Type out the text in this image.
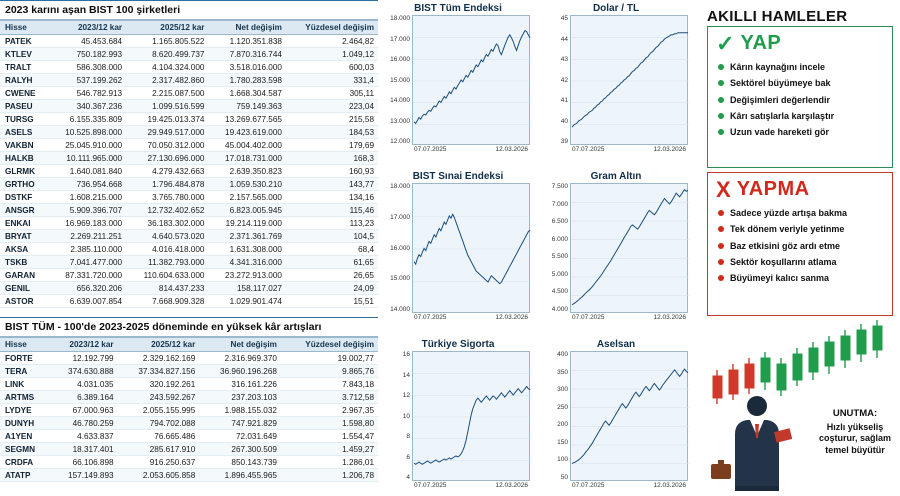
2023 karını aşan BIST 100 şirketleri
Hisse	2023/12 kar	2025/12 kar	Net değişim	Yüzdesel değişim
PATEK	45.453.684	1.165.805.522	1.120.351.838	2.464,82
KTLEV	750.182.993	8.620.499.737	7.870.316.744	1.049,12
TRALT	586.308.000	4.104.324.000	3.518.016.000	600,03
RALYH	537.199.262	2.317.482.860	1.780.283.598	331,4
CWENE	546.782.913	2.215.087.500	1.668.304.587	305,11
PASEU	340.367.236	1.099.516.599	759.149.363	223,04
TURSG	6.155.335.809	19.425.013.374	13.269.677.565	215,58
ASELS	10.525.898.000	29.949.517.000	19.423.619.000	184,53
VAKBN	25.045.910.000	70.050.312.000	45.004.402.000	179,69
HALKB	10.111.965.000	27.130.696.000	17.018.731.000	168,3
GLRMK	1.640.081.840	4.279.432.663	2.639.350.823	160,93
GRTHO	736.954.668	1.796.484.878	1.059.530.210	143,77
DSTKF	1.608.215.000	3.765.780.000	2.157.565.000	134,16
ANSGR	5.909.396.707	12.732.402.652	6.823.005.945	115,46
ENKAI	16.969.183.000	36.183.302.000	19.214.119.000	113,23
BRYAT	2.269.211.251	4.640.573.020	2.371.361.769	104,5
AKSA	2.385.110.000	4.016.418.000	1.631.308.000	68,4
TSKB	7.041.477.000	11.382.793.000	4.341.316.000	61,65
GARAN	87.331.720.000	110.604.633.000	23.272.913.000	26,65
GENIL	656.320.206	814.437.233	158.117.027	24,09
ASTOR	6.639.007.854	7.668.909.328	1.029.901.474	15,51
BIST TÜM - 100'de 2023-2025 döneminde en yüksek kâr artışları
Hisse	2023/12 kar	2025/12 kar	Net değişim	Yüzdesel değişim
FORTE	12.192.799	2.329.162.169	2.316.969.370	19.002,77
TERA	374.630.888	37.334.827.156	36.960.196.268	9.865,76
LINK	4.031.035	320.192.261	316.161.226	7.843,18
ARTMS	6.389.164	243.592.267	237.203.103	3.712,58
LYDYE	67.000.963	2.055.155.995	1.988.155.032	2.967,35
DUNYH	46.780.259	794.702.088	747.921.829	1.598,80
A1YEN	4.633.837	76.665.486	72.031.649	1.554,47
SEGMN	18.317.401	285.617.910	267.300.509	1.459,27
CRDFA	66.106.898	916.250.637	850.143.739	1.286,01
ATATP	157.149.893	2.053.605.858	1.896.455.965	1.206,78
BIST Tüm Endeksi
18.000
17.000
16.000
15.000
14.000
13.000
12.000
07.07.2025	12.03.2026
Dolar / TL
45
44
43
42
41
40
39
07.07.2025	12.03.2026
BIST Sınai Endeksi
18.000
17.000
16.000
15.000
14.000
07.07.2025	12.03.2026
Gram Altın
7.500
7.000
6.500
6.000
5.500
5.000
4.500
4.000
07.07.2025	12.03.2026
Türkiye Sigorta
16
14
12
10
8
6
4
07.07.2025	12.03.2026
Aselsan
400
350
300
250
200
150
100
50
07.07.2025	12.03.2026
AKILLI HAMLELER
✓ YAP
Kârın kaynağını incele
Sektörel büyümeye bak
Değişimleri değerlendir
Kârı satışlarla karşılaştır
Uzun vade hareketi gör
X YAPMA
Sadece yüzde artışa bakma
Tek dönem veriyle yetinme
Baz etkisini göz ardı etme
Sektör koşullarını atlama
Büyümeyi kalıcı sanma
UNUTMA:
Hızlı yükseliş coşturur, sağlam temel büyütür
